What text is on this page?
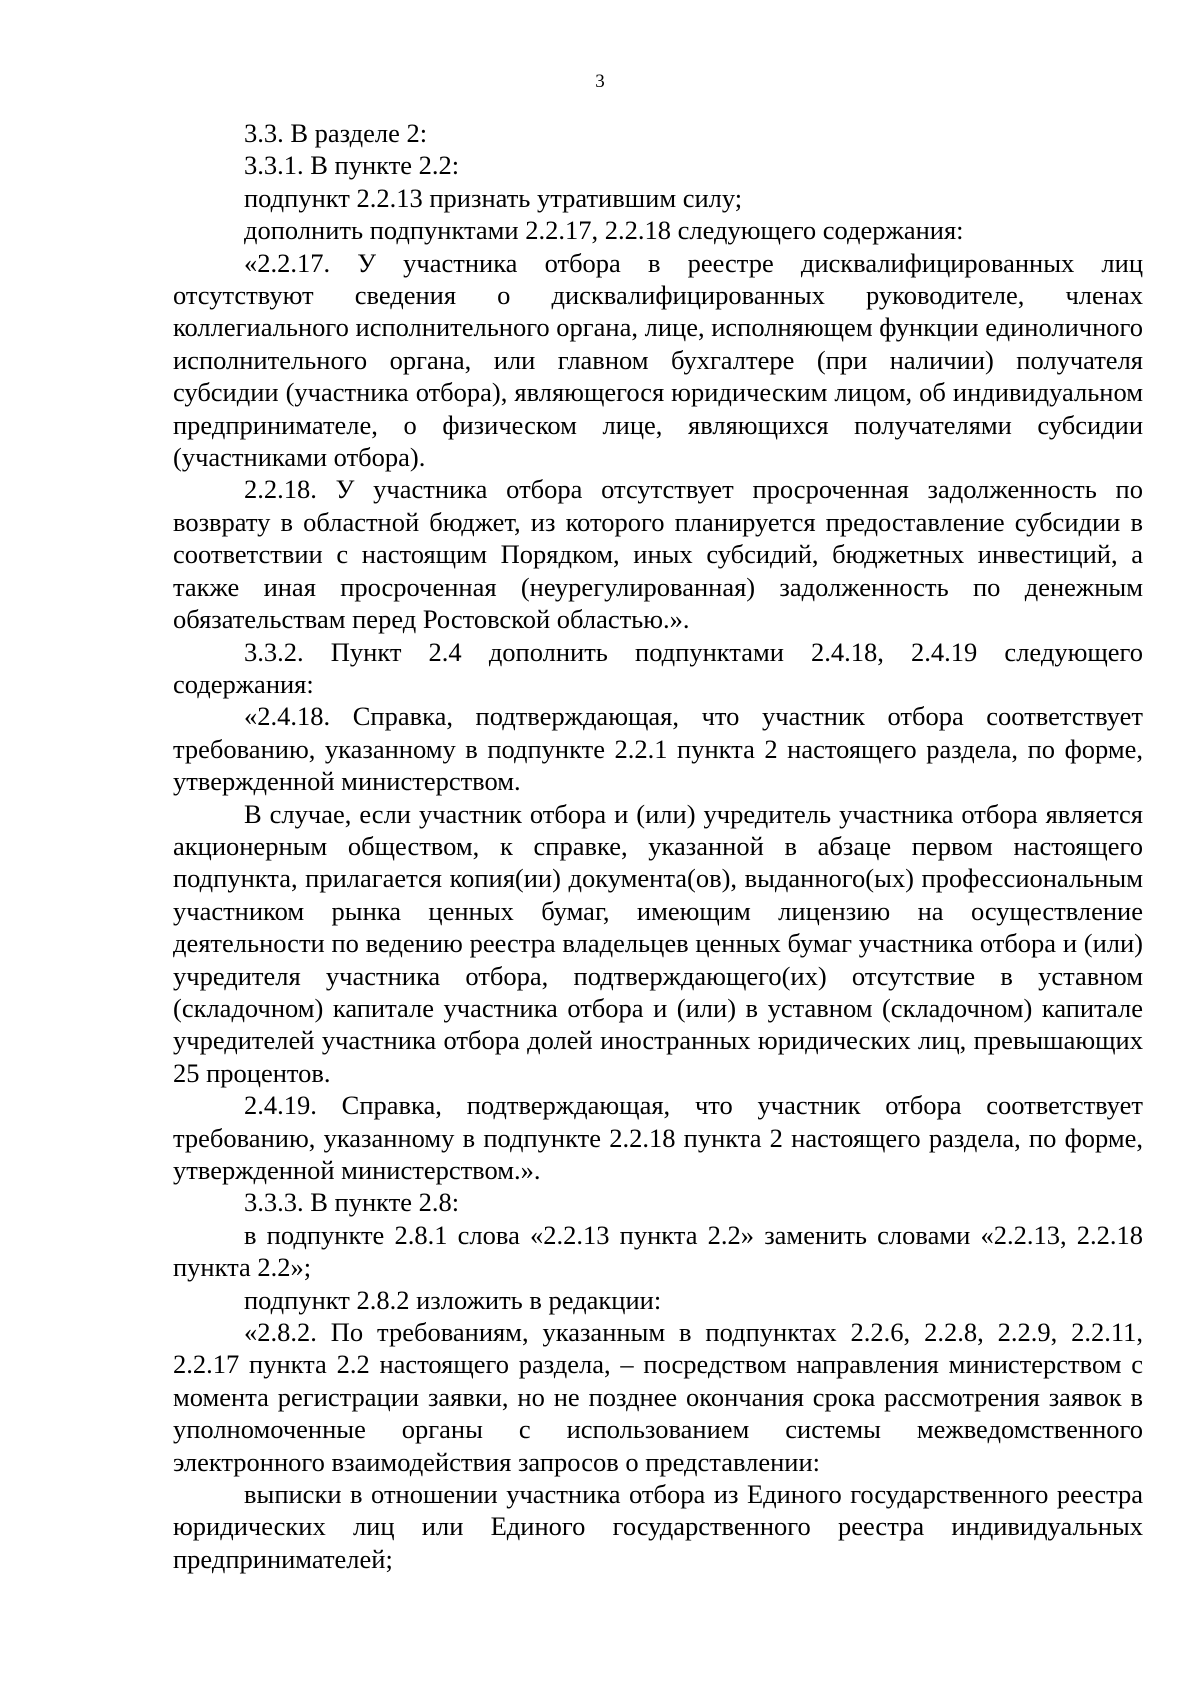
3

3.3. В разделе 2:

3.3.1. В пункте 2.2:

подпункт 2.2.13 признать утратившим силу;

дополнить подпунктами 2.2.17, 2.2.18 следующего содержания:

«2.2.17. У участника отбора в реестре дисквалифицированных лиц отсутствуют сведения о дисквалифицированных руководителе, членах коллегиального исполнительного органа, лице, исполняющем функции единоличного исполнительного органа, или главном бухгалтере (при наличии) получателя субсидии (участника отбора), являющегося юридическим лицом, об индивидуальном предпринимателе, о физическом лице, являющихся получателями субсидии (участниками отбора).

2.2.18. У участника отбора отсутствует просроченная задолженность по возврату в областной бюджет, из которого планируется предоставление субсидии в соответствии с настоящим Порядком, иных субсидий, бюджетных инвестиций, а также иная просроченная (неурегулированная) задолженность по денежным обязательствам перед Ростовской областью.».

3.3.2. Пункт 2.4 дополнить подпунктами 2.4.18, 2.4.19 следующего содержания:

«2.4.18. Справка, подтверждающая, что участник отбора соответствует требованию, указанному в подпункте 2.2.1 пункта 2 настоящего раздела, по форме, утвержденной министерством.

В случае, если участник отбора и (или) учредитель участника отбора является акционерным обществом, к справке, указанной в абзаце первом настоящего подпункта, прилагается копия(ии) документа(ов), выданного(ых) профессиональным участником рынка ценных бумаг, имеющим лицензию на осуществление деятельности по ведению реестра владельцев ценных бумаг участника отбора и (или) учредителя участника отбора, подтверждающего(их) отсутствие в уставном (складочном) капитале участника отбора и (или) в уставном (складочном) капитале учредителей участника отбора долей иностранных юридических лиц, превышающих 25 процентов.

2.4.19. Справка, подтверждающая, что участник отбора соответствует требованию, указанному в подпункте 2.2.18 пункта 2 настоящего раздела, по форме, утвержденной министерством.».

3.3.3. В пункте 2.8:

в подпункте 2.8.1 слова «2.2.13 пункта 2.2» заменить словами «2.2.13, 2.2.18 пункта 2.2»;

подпункт 2.8.2 изложить в редакции:

«2.8.2. По требованиям, указанным в подпунктах 2.2.6, 2.2.8, 2.2.9, 2.2.11, 2.2.17 пункта 2.2 настоящего раздела, – посредством направления министерством с момента регистрации заявки, но не позднее окончания срока рассмотрения заявок в уполномоченные органы с использованием системы межведомственного электронного взаимодействия запросов о представлении:

выписки в отношении участника отбора из Единого государственного реестра юридических лиц или Единого государственного реестра индивидуальных предпринимателей;
